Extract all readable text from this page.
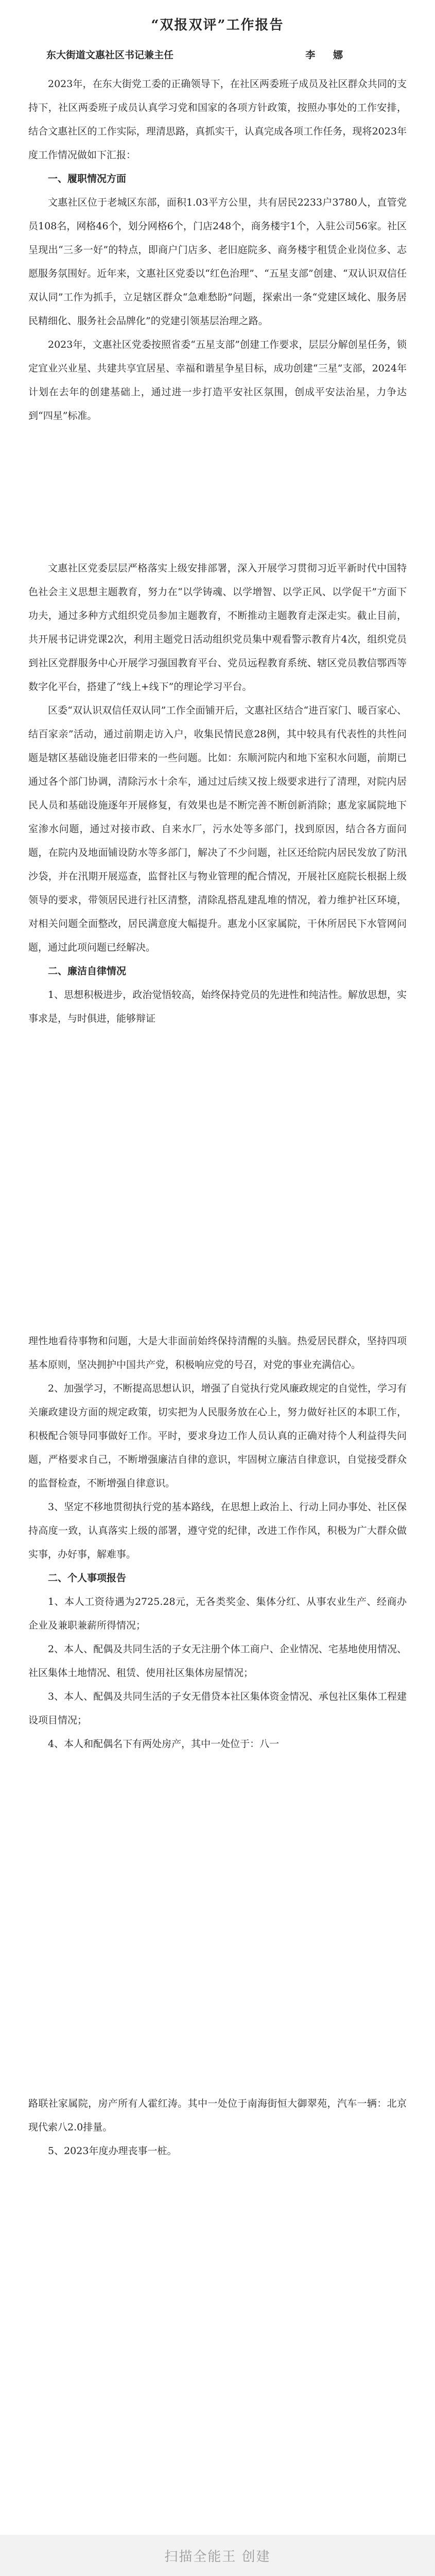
“双报双评”工作报告
东大街道文惠社区书记兼主任	李 娜

2023年，在东大街党工委的正确领导下，在社区两委班子成员及社区群众共同的支持下，社区两委班子成员认真学习党和国家的各项方针政策，按照办事处的工作安排，结合文惠社区的工作实际，理清思路，真抓实干，认真完成各项工作任务，现将2023年度工作情况做如下汇报：

一、履职情况方面

文惠社区位于老城区东部，面积1.03平方公里，共有居民2233户3780人，直管党员108名，网格46个，划分网格6个，门店248个，商务楼宇1个，入驻公司56家。社区呈现出“三多一好”的特点，即商户门店多、老旧庭院多、商务楼宇租赁企业岗位多、志愿服务氛围好。近年来，文惠社区党委以“红色治理”、“五星支部”创建、“双认识双信任双认同”工作为抓手，立足辖区群众“急难愁盼”问题，探索出一条“党建区域化、服务居民精细化、服务社会品牌化”的党建引领基层治理之路。

2023年，文惠社区党委按照省委“五星支部”创建工作要求，层层分解创星任务，锁定宜业兴业星、共建共享宜居星、幸福和谐星争星目标，成功创建“三星”支部，2024年计划在去年的创建基础上，通过进一步打造平安社区氛围，创成平安法治星，力争达到“四星”标准。

文惠社区党委层层严格落实上级安排部署，深入开展学习贯彻习近平新时代中国特色社会主义思想主题教育，努力在“以学铸魂、以学增智、以学正风、以学促干”方面下功夫，通过多种方式组织党员参加主题教育，不断推动主题教育走深走实。截止目前，共开展书记讲党课2次，利用主题党日活动组织党员集中观看警示教育片4次，组织党员到社区党群服务中心开展学习强国教育平台、党员远程教育系统、辖区党员教信鄂西等数字化平台，搭建了“线上+线下”的理论学习平台。

区委“双认识双信任双认同”工作全面铺开后，文惠社区结合“进百家门、暖百家心、结百家亲”活动，通过前期走访入户，收集民情民意28例，其中较具有代表性的共性问题是辖区基础设施老旧带来的一些问题。比如：东顺河院内和地下室积水问题，前期已通过各个部门协调，清除污水十余车，通过过后续又按上级要求进行了清理，对院内居民人员和基础设施逐年开展修复，有效果也是不断完善不断创新消除；惠龙家属院地下室渗水问题，通过对接市政、自来水厂，污水处等多部门，找到原因，结合各方面问题，在院内及地面铺设防水等多部门，解决了不少问题，社区还给院内居民发放了防汛沙袋，并在汛期开展巡查，监督社区与物业管理的配合情况，开展社区庭院长根据上级领导的要求，带领居民进行社区清整，清除乱搭乱建乱堆的情况，着力维护社区环境，对相关问题全面整改，居民满意度大幅提升。惠龙小区家属院，干休所居民下水管网问题，通过此项问题已经解决。

二、廉洁自律情况

1、思想积极进步，政治觉悟较高，始终保持党员的先进性和纯洁性。解放思想，实事求是，与时俱进，能够辩证

理性地看待事物和问题，大是大非面前始终保持清醒的头脑。热爱居民群众，坚持四项基本原则，坚决拥护中国共产党，积极响应党的号召，对党的事业充满信心。

2、加强学习，不断提高思想认识，增强了自觉执行党风廉政规定的自觉性，学习有关廉政建设方面的规定政策，切实把为人民服务放在心上，努力做好社区的本职工作，积极配合领导同事做好工作。平时，要求身边工作人员认真的正确对待个人利益得失问题，严格要求自己，不断增强廉洁自律的意识，牢固树立廉洁自律意识，自觉接受群众的监督检查，不断增强自律意识。

3、坚定不移地贯彻执行党的基本路线，在思想上政治上、行动上同办事处、社区保持高度一致，认真落实上级的部署，遵守党的纪律，改进工作作风，积极为广大群众做实事，办好事，解难事。

二、个人事项报告

1、本人工资待遇为2725.28元，无各类奖金、集体分红、从事农业生产、经商办企业及兼职兼薪所得情况；

2、本人、配偶及共同生活的子女无注册个体工商户、企业情况、宅基地使用情况、社区集体土地情况、租赁、使用社区集体房屋情况；

3、本人、配偶及共同生活的子女无借贷本社区集体资金情况、承包社区集体工程建设项目情况；

4、本人和配偶名下有两处房产，其中一处位于：八一

路联社家属院，房产所有人霍红涛。其中一处位于南海街恒大御翠苑，汽车一辆：北京现代索八2.0排量。

5、2023年度办理丧事一桩。

扫描全能王 创建
